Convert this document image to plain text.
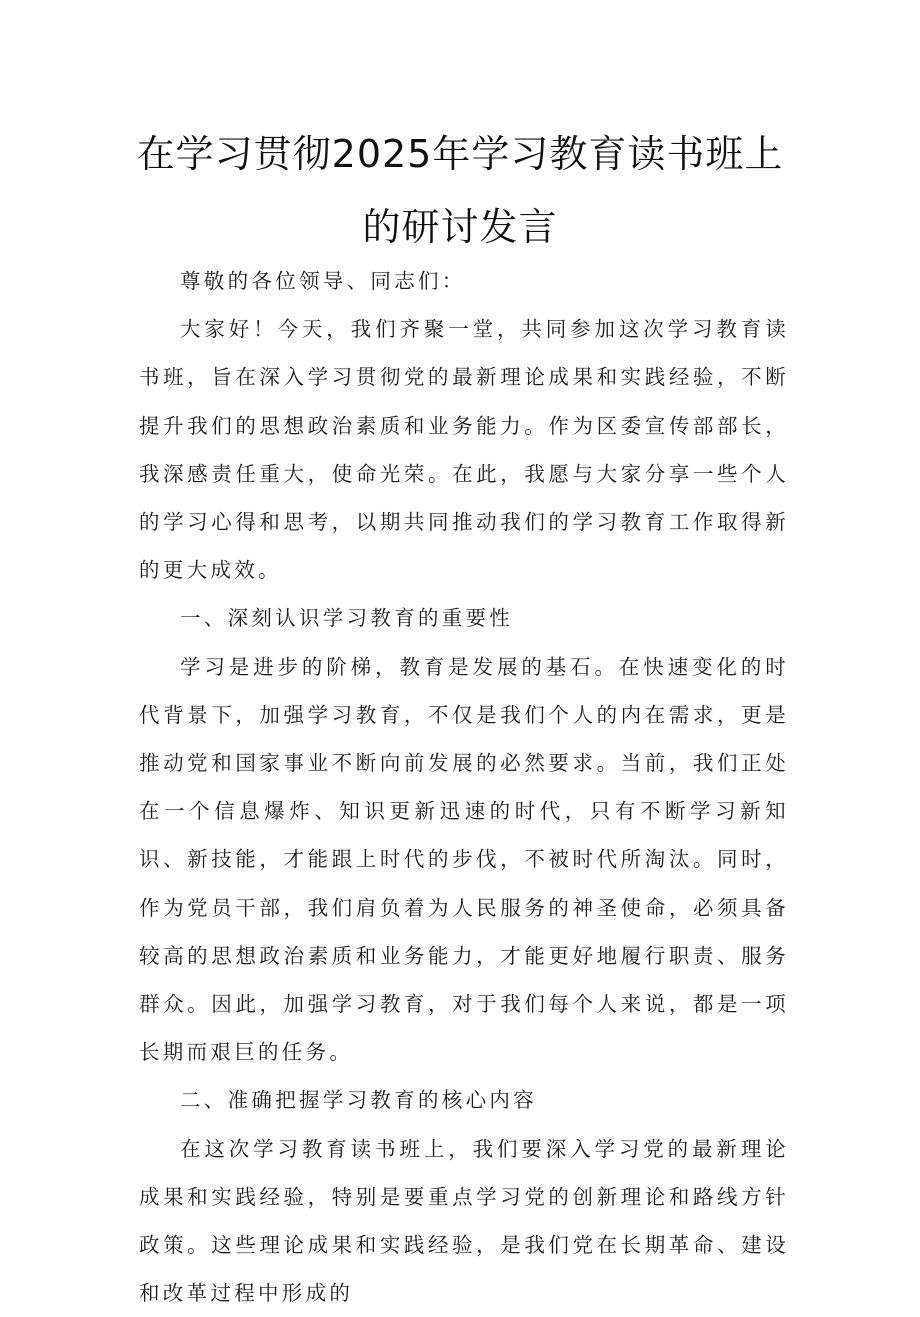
在学习贯彻2025年学习教育读书班上
的研讨发言

尊敬的各位领导、同志们：

大家好！今天，我们齐聚一堂，共同参加这次学习教育读书班，旨在深入学习贯彻党的最新理论成果和实践经验，不断提升我们的思想政治素质和业务能力。作为区委宣传部部长，我深感责任重大，使命光荣。在此，我愿与大家分享一些个人的学习心得和思考，以期共同推动我们的学习教育工作取得新的更大成效。

一、深刻认识学习教育的重要性

学习是进步的阶梯，教育是发展的基石。在快速变化的时代背景下，加强学习教育，不仅是我们个人的内在需求，更是推动党和国家事业不断向前发展的必然要求。当前，我们正处在一个信息爆炸、知识更新迅速的时代，只有不断学习新知识、新技能，才能跟上时代的步伐，不被时代所淘汰。同时，作为党员干部，我们肩负着为人民服务的神圣使命，必须具备较高的思想政治素质和业务能力，才能更好地履行职责、服务群众。因此，加强学习教育，对于我们每个人来说，都是一项长期而艰巨的任务。

二、准确把握学习教育的核心内容

在这次学习教育读书班上，我们要深入学习党的最新理论成果和实践经验，特别是要重点学习党的创新理论和路线方针政策。这些理论成果和实践经验，是我们党在长期革命、建设和改革过程中形成的
